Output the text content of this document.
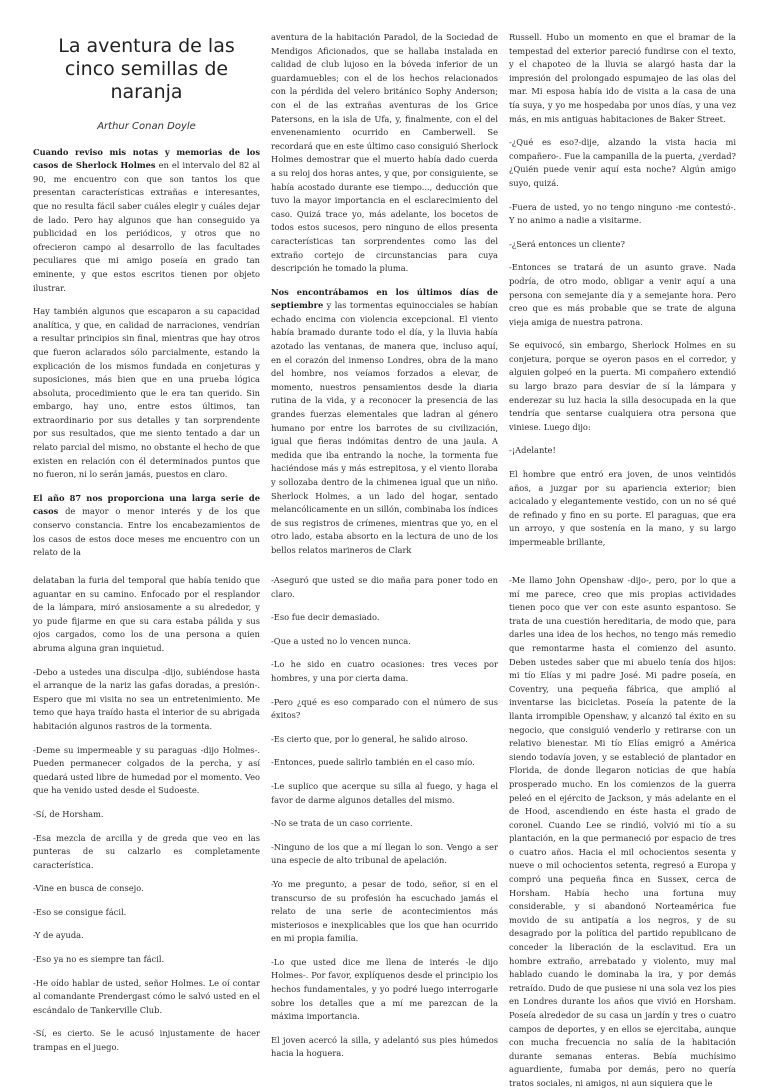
La aventura de las cinco semillas de naranja
Arthur Conan Doyle

Cuando reviso mis notas y memorias de los casos de Sherlock Holmes en el intervalo del 82 al 90, me encuentro con que son tantos los que presentan características extrañas e interesantes, que no resulta fácil saber cuáles elegir y cuáles dejar de lado. Pero hay algunos que han conseguido ya publicidad en los periódicos, y otros que no ofrecieron campo al desarrollo de las facultades peculiares que mi amigo poseía en grado tan eminente, y que estos escritos tienen por objeto ilustrar.

Hay también algunos que escaparon a su capacidad analítica, y que, en calidad de narraciones, vendrían a resultar principios sin final, mientras que hay otros que fueron aclarados sólo parcialmente, estando la explicación de los mismos fundada en conjeturas y suposiciones, más bien que en una prueba lógica absoluta, procedimiento que le era tan querido. Sin embargo, hay uno, entre estos últimos, tan extraordinario por sus detalles y tan sorprendente por sus resultados, que me siento tentado a dar un relato parcial del mismo, no obstante el hecho de que existen en relación con él determinados puntos que no fueron, ni lo serán jamás, puestos en claro.

El año 87 nos proporciona una larga serie de casos de mayor o menor interés y de los que conservo constancia. Entre los encabezamientos de los casos de estos doce meses me encuentro con un relato de la

aventura de la habitación Paradol, de la Sociedad de Mendigos Aficionados, que se hallaba instalada en calidad de club lujoso en la bóveda inferior de un guardamuebles; con el de los hechos relacionados con la pérdida del velero británico Sophy Anderson; con el de las extrañas aventuras de los Grice Patersons, en la isla de Ufa, y, finalmente, con el del envenenamiento ocurrido en Camberwell. Se recordará que en este último caso consiguió Sherlock Holmes demostrar que el muerto había dado cuerda a su reloj dos horas antes, y que, por consiguiente, se había acostado durante ese tiempo..., deducción que tuvo la mayor importancia en el esclarecimiento del caso. Quizá trace yo, más adelante, los bocetos de todos estos sucesos, pero ninguno de ellos presenta características tan sorprendentes como las del extraño cortejo de circunstancias para cuya descripción he tomado la pluma.

Nos encontrábamos en los últimos días de septiembre y las tormentas equinocciales se habían echado encima con violencia excepcional. El viento había bramado durante todo el día, y la lluvia había azotado las ventanas, de manera que, incluso aquí, en el corazón del inmenso Londres, obra de la mano del hombre, nos veíamos forzados a elevar, de momento, nuestros pensamientos desde la diaria rutina de la vida, y a reconocer la presencia de las grandes fuerzas elementales que ladran al género humano por entre los barrotes de su civilización, igual que fieras indómitas dentro de una jaula. A medida que iba entrando la noche, la tormenta fue haciéndose más y más estrepitosa, y el viento lloraba y sollozaba dentro de la chimenea igual que un niño. Sherlock Holmes, a un lado del hogar, sentado melancólicamente en un sillón, combinaba los índices de sus registros de crímenes, mientras que yo, en el otro lado, estaba absorto en la lectura de uno de los bellos relatos marineros de Clark

Russell. Hubo un momento en que el bramar de la tempestad del exterior pareció fundirse con el texto, y el chapoteo de la lluvia se alargó hasta dar la impresión del prolongado espumajeo de las olas del mar. Mi esposa había ido de visita a la casa de una tía suya, y yo me hospedaba por unos días, y una vez más, en mis antiguas habitaciones de Baker Street.

-¿Qué es eso?-dije, alzando la vista hacia mi compañero-. Fue la campanilla de la puerta, ¿verdad? ¿Quién puede venir aquí esta noche? Algún amigo suyo, quizá.

-Fuera de usted, yo no tengo ninguno -me contestó-. Y no animo a nadie a visitarme.

-¿Será entonces un cliente?

-Entonces se tratará de un asunto grave. Nada podría, de otro modo, obligar a venir aquí a una persona con semejante día y a semejante hora. Pero creo que es más probable que se trate de alguna vieja amiga de nuestra patrona.

Se equivocó, sin embargo, Sherlock Holmes en su conjetura, porque se oyeron pasos en el corredor, y alguien golpeó en la puerta. Mi compañero extendió su largo brazo para desviar de sí la lámpara y enderezar su luz hacia la silla desocupada en la que tendría que sentarse cualquiera otra persona que viniese. Luego dijo:

-¡Adelante!

El hombre que entró era joven, de unos veintidós años, a juzgar por su apariencia exterior; bien acicalado y elegantemente vestido, con un no sé qué de refinado y fino en su porte. El paraguas, que era un arroyo, y que sostenía en la mano, y su largo impermeable brillante,

delataban la furia del temporal que había tenido que aguantar en su camino. Enfocado por el resplandor de la lámpara, miró ansiosamente a su alrededor, y yo pude fijarme en que su cara estaba pálida y sus ojos cargados, como los de una persona a quien abruma alguna gran inquietud.

-Debo a ustedes una disculpa -dijo, subiéndose hasta el arranque de la nariz las gafas doradas, a presión-. Espero que mi visita no sea un entretenimiento. Me temo que haya traído hasta el interior de su abrigada habitación algunos rastros de la tormenta.

-Deme su impermeable y su paraguas -dijo Holmes-. Pueden permanecer colgados de la percha, y así quedará usted libre de humedad por el momento. Veo que ha venido usted desde el Sudoeste.

-Sí, de Horsham.

-Esa mezcla de arcilla y de greda que veo en las punteras de su calzarlo es completamente característica.

-Vine en busca de consejo.

-Eso se consigue fácil.

-Y de ayuda.

-Eso ya no es siempre tan fácil.

-He oído hablar de usted, señor Holmes. Le oí contar al comandante Prendergast cómo le salvó usted en el escándalo de Tankerville Club.

-Sí, es cierto. Se le acusó injustamente de hacer trampas en el juego.

-Aseguró que usted se dio maña para poner todo en claro.

-Eso fue decir demasiado.

-Que a usted no lo vencen nunca.

-Lo he sido en cuatro ocasiones: tres veces por hombres, y una por cierta dama.

-Pero ¿qué es eso comparado con el número de sus éxitos?

-Es cierto que, por lo general, he salido airoso.

-Entonces, puede salirlo también en el caso mío.

-Le suplico que acerque su silla al fuego, y haga el favor de darme algunos detalles del mismo.

-No se trata de un caso corriente.

-Ninguno de los que a mí llegan lo son. Vengo a ser una especie de alto tribunal de apelación.

-Yo me pregunto, a pesar de todo, señor, si en el transcurso de su profesión ha escuchado jamás el relato de una serie de acontecimientos más misteriosos e inexplicables que los que han ocurrido en mi propia familia.

-Lo que usted dice me llena de interés -le dijo Holmes-. Por favor, explíquenos desde el principio los hechos fundamentales, y yo podré luego interrogarle sobre los detalles que a mí me parezcan de la máxima importancia.

El joven acercó la silla, y adelantó sus pies húmedos hacia la hoguera.

-Me llamo John Openshaw -dijo-, pero, por lo que a mí me parece, creo que mis propias actividades tienen poco que ver con este asunto espantoso. Se trata de una cuestión hereditaria, de modo que, para darles una idea de los hechos, no tengo más remedio que remontarme hasta el comienzo del asunto. Deben ustedes saber que mi abuelo tenía dos hijos: mi tío Elías y mi padre José. Mi padre poseía, en Coventry, una pequeña fábrica, que amplió al inventarse las bicicletas. Poseía la patente de la llanta irrompible Openshaw, y alcanzó tal éxito en su negocio, que consiguió venderlo y retirarse con un relativo bienestar. Mi tío Elías emigró a América siendo todavía joven, y se estableció de plantador en Florida, de donde llegaron noticias de que había prosperado mucho. En los comienzos de la guerra peleó en el ejército de Jackson, y más adelante en el de Hood, ascendiendo en éste hasta el grado de coronel. Cuando Lee se rindió, volvió mi tío a su plantación, en la que permaneció por espacio de tres o cuatro años. Hacia el mil ochocientos sesenta y nueve o mil ochocientos setenta, regresó a Europa y compró una pequeña finca en Sussex, cerca de Horsham. Había hecho una fortuna muy considerable, y si abandonó Norteamérica fue movido de su antipatía a los negros, y de su desagrado por la política del partido republicano de conceder la liberación de la esclavitud. Era un hombre extraño, arrebatado y violento, muy mal hablado cuando le dominaba la ira, y por demás retraído. Dudo de que pusiese ni una sola vez los pies en Londres durante los años que vivió en Horsham. Poseía alrededor de su casa un jardín y tres o cuatro campos de deportes, y en ellos se ejercitaba, aunque con mucha frecuencia no salía de la habitación durante semanas enteras. Bebía muchísimo aguardiente, fumaba por demás, pero no quería tratos sociales, ni amigos, ni aun siquiera que le
